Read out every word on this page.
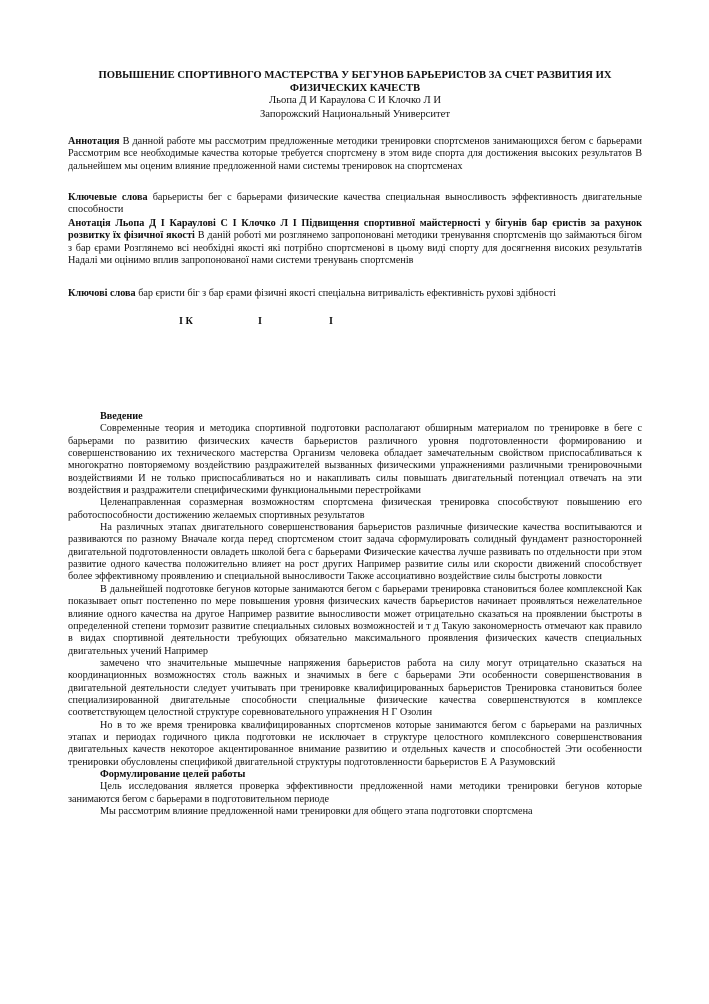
ПОВЫШЕНИЕ СПОРТИВНОГО МАСТЕРСТВА У БЕГУНОВ БАРЬЕРИСТОВ ЗА СЧЕТ РАЗВИТИЯ ИХ ФИЗИЧЕСКИХ КАЧЕСТВ
Льопа Д И Караулова С И Клочко Л И
Запорожский Национальный Университет
Аннотация В данной работе мы рассмотрим предложенные методики тренировки спортсменов занимающихся бегом с барьерами Рассмотрим все необходимые качества которые требуется спортсмену в этом виде спорта для достижения высоких результатов В дальнейшем мы оценим влияние предложенной нами системы тренировок на спортсменах
Ключевые слова барьеристы бег с барьерами физические качества специальная выносливость эффективность двигательные способности
Анотація Льопа Д І Караулові С І Клочко Л І Підвищення спортивної майстерності у бігунів бар єристів за рахунок розвитку їх фізичної якості В даній роботі ми розглянемо запропоновані методики тренування спортсменів що займаються бігом з бар єрами Розглянемо всі необхідні якості які потрібно спортсменові в цьому виді спорту для досягнення високих результатів Надалі ми оцінимо вплив запропонованої нами системи тренувань спортсменів
Ключові слова бар єристи біг з бар єрами фізичні якості спеціальна витривалість ефективність рухові здібності
І К	І	І
Введение

Современные теория и методика спортивной подготовки располагают обширным материалом по тренировке в беге с барьерами по развитию физических качеств барьеристов различного уровня подготовленности формированию и совершенствованию их технического мастерства Организм человека обладает замечательным свойством приспосабливаться к многократно повторяемому воздействию раздражителей вызванных физическими упражнениями различными тренировочными воздействиями И не только приспосабливаться но и накапливать силы повышать двигательный потенциал отвечать на эти воздействия и раздражители специфическими функциональными перестройками

Целенаправленная соразмерная возможностям спортсмена физическая тренировка способствуют повышению его работоспособности достижению желаемых спортивных результатов

На различных этапах двигательного совершенствования барьеристов различные физические качества воспитываются и развиваются по разному Вначале когда перед спортсменом стоит задача сформулировать солидный фундамент разносторонней двигательной подготовленности овладеть школой бега с барьерами Физические качества лучше развивать по отдельности при этом развитие одного качества положительно влияет на рост других Например развитие силы или скорости движений способствует более эффективному проявлению и специальной выносливости Также ассоциативно воздействие силы быстроты ловкости

В дальнейшей подготовке бегунов которые занимаются бегом с барьерами тренировка становиться более комплексной Как показывает опыт постепенно по мере повышения уровня физических качеств барьеристов начинает проявляться нежелательное влияние одного качества на другое Например развитие выносливости может отрицательно сказаться на проявлении быстроты в определенной степени тормозит развитие специальных силовых возможностей и т д Такую закономерность отмечают как правило в видах спортивной деятельности требующих обязательно максимального проявления физических качеств специальных двигательных учений Например

замечено что значительные мышечные напряжения барьеристов работа на силу могут отрицательно сказаться на координационных возможностях столь важных и значимых в беге с барьерами Эти особенности совершенствования в двигательной деятельности следует учитывать при тренировке квалифицированных барьеристов Тренировка становиться более специализированной двигательные способности специальные физические качества совершенствуются в комплексе соответствующем целостной структуре соревновательного упражнения Н Г Озолин

Но в то же время тренировка квалифицированных спортсменов которые занимаются бегом с барьерами на различных этапах и периодах годичного цикла подготовки не исключает в структуре целостного комплексного совершенствования двигательных качеств некоторое акцентированное внимание развитию и отдельных качеств и способностей Эти особенности тренировки обусловлены спецификой двигательной структуры подготовленности барьеристов Е А Разумовский

Формулирование целей работы

Цель исследования является проверка эффективности предложенной нами методики тренировки бегунов которые занимаются бегом с барьерами в подготовительном периоде

Мы рассмотрим влияние предложенной нами тренировки для общего этапа подготовки спортсмена
